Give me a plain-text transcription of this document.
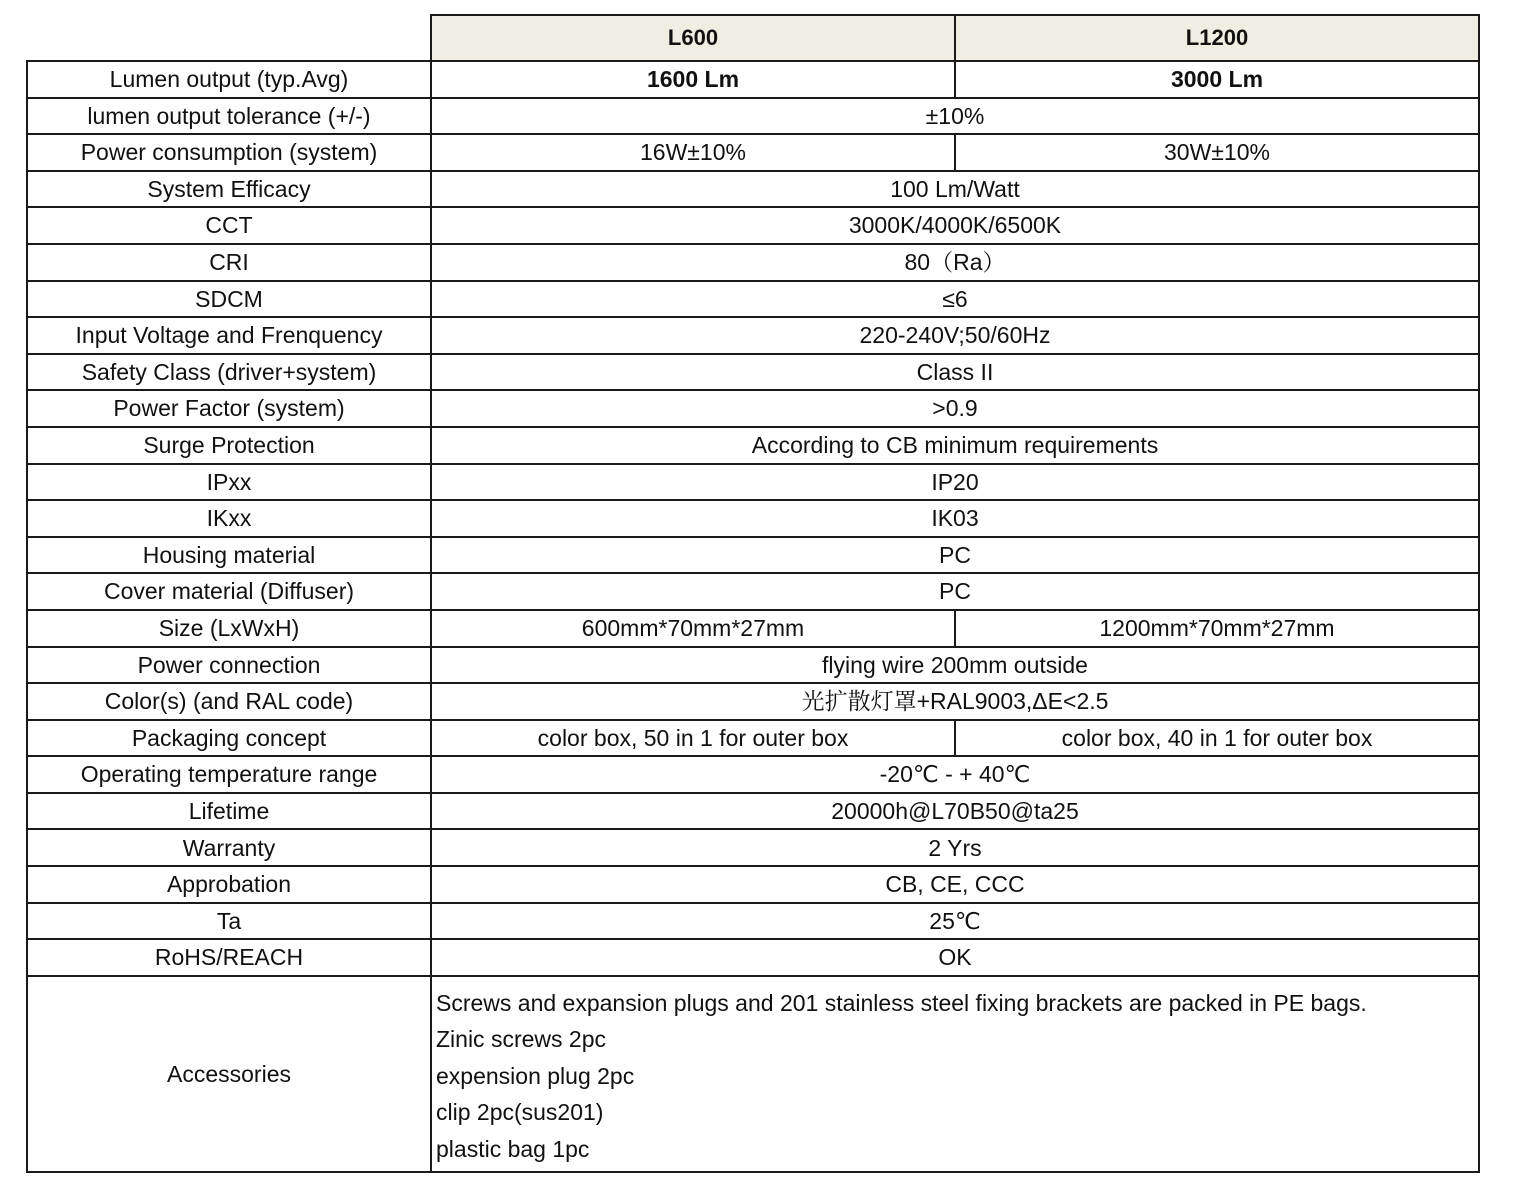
	L600	L1200
Lumen output (typ.Avg)	1600 Lm	3000 Lm
lumen output tolerance (+/-)	±10%	
Power consumption (system)	16W±10%	30W±10%
System Efficacy	100 Lm/Watt	
CCT	3000K/4000K/6500K	
CRI	80（Ra）	
SDCM	≤6	
Input Voltage and Frenquency	220-240V;50/60Hz	
Safety Class (driver+system)	Class II	
Power Factor (system)	>0.9	
Surge Protection	According to CB minimum requirements	
IPxx	IP20	
IKxx	IK03	
Housing material	PC	
Cover material (Diffuser)	PC	
Size (LxWxH)	600mm*70mm*27mm	1200mm*70mm*27mm
Power connection	flying wire 200mm outside	
Color(s) (and RAL code)	光扩散灯罩+RAL9003,ΔE<2.5	
Packaging concept	color box, 50 in 1 for outer box	color box, 40 in 1 for outer box
Operating temperature range	-20℃ - + 40℃	
Lifetime	20000h@L70B50@ta25	
Warranty	2 Yrs	
Approbation	CB, CE, CCC	
Ta	25℃	
RoHS/REACH	OK	
Accessories	Screws and expansion plugs and 201 stainless steel fixing brackets are packed in PE bags.
Zinic screws 2pc
expension plug 2pc
clip 2pc(sus201)
plastic bag 1pc	
